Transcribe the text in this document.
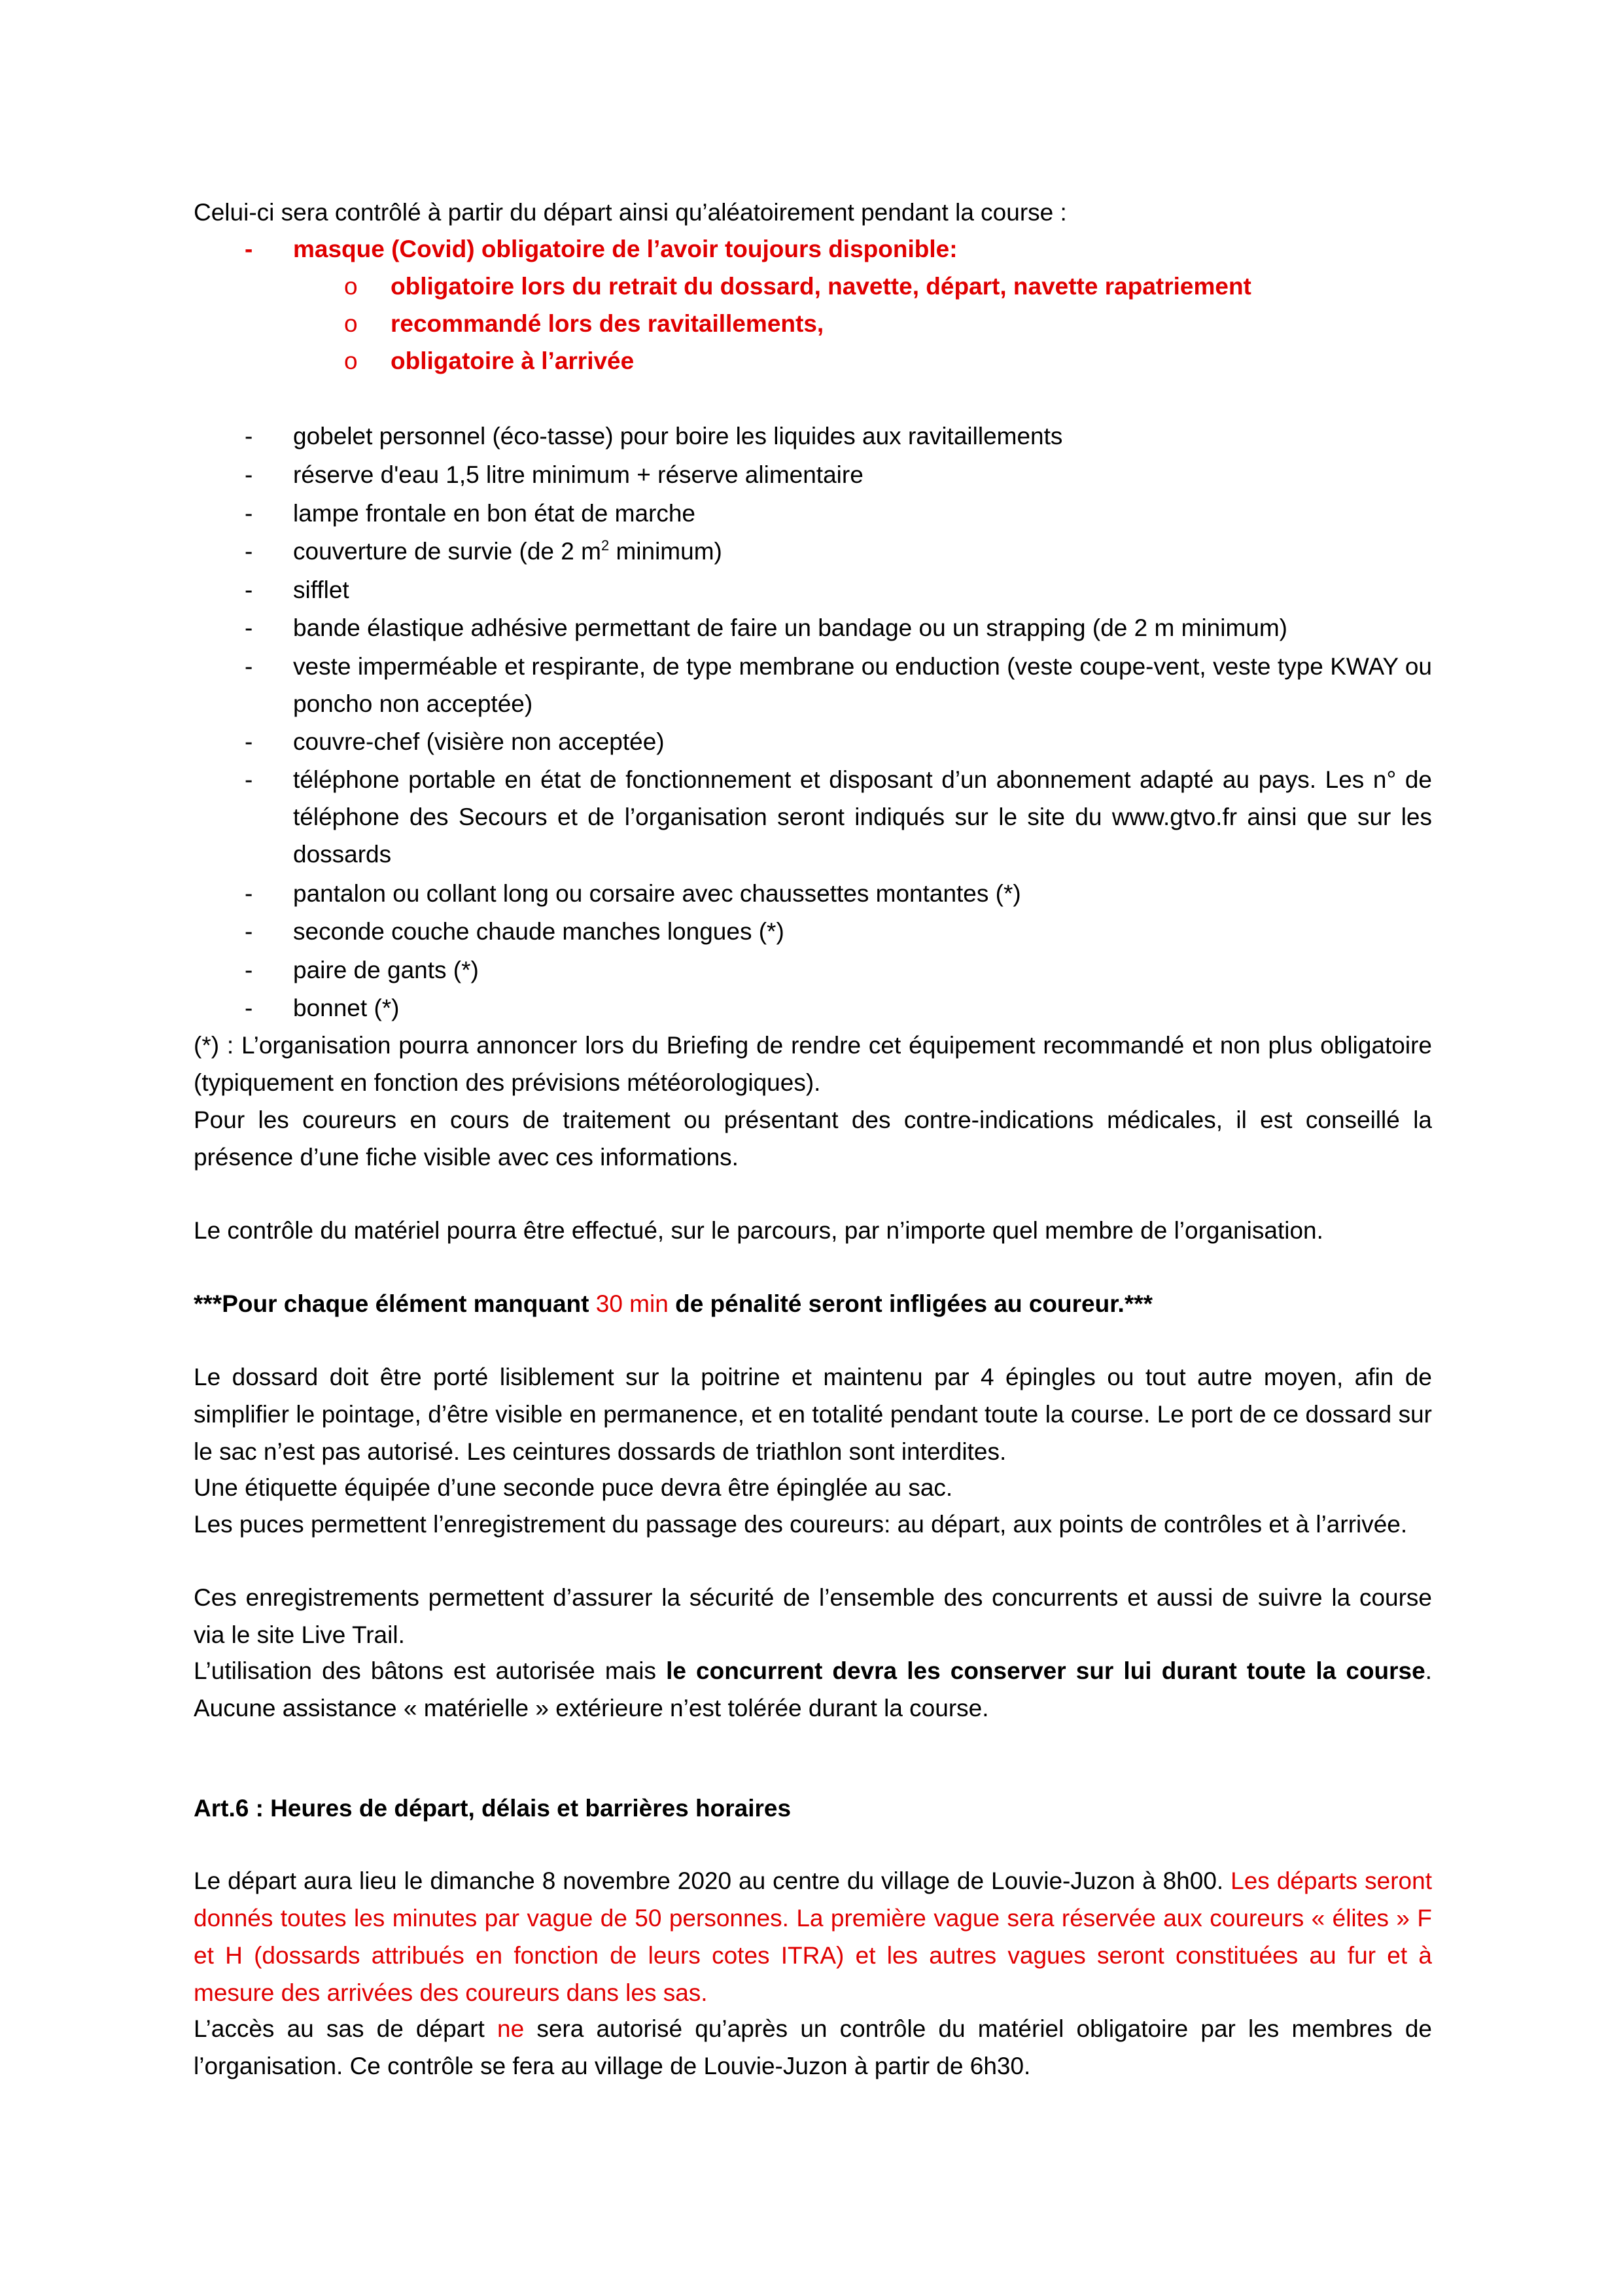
Celui-ci sera contrôlé à partir du départ ainsi qu’aléatoirement pendant la course :
- masque (Covid) obligatoire de l’avoir toujours disponible:
o obligatoire lors du retrait du dossard, navette, départ, navette rapatriement
o recommandé lors des ravitaillements,
o obligatoire à l’arrivée
- gobelet personnel (éco-tasse) pour boire les liquides aux ravitaillements
- réserve d'eau 1,5 litre minimum + réserve alimentaire
- lampe frontale en bon état de marche
- couverture de survie (de 2 $m^2$ minimum)
- sifflet
- bande élastique adhésive permettant de faire un bandage ou un strapping (de 2 m minimum)
- veste imperméable et respirante, de type membrane ou enduction (veste coupe-vent, veste type KWAY ou poncho non acceptée)
- couvre-chef (visière non acceptée)
- téléphone portable en état de fonctionnement et disposant d’un abonnement adapté au pays. Les n° de téléphone des Secours et de l’organisation seront indiqués sur le site du www.gtvo.fr ainsi que sur les dossards
- pantalon ou collant long ou corsaire avec chaussettes montantes (*)
- seconde couche chaude manches longues (*)
- paire de gants (*)
- bonnet (*)
(*) : L’organisation pourra annoncer lors du Briefing de rendre cet équipement recommandé et non plus obligatoire (typiquement en fonction des prévisions météorologiques).
Pour les coureurs en cours de traitement ou présentant des contre-indications médicales, il est conseillé la présence d’une fiche visible avec ces informations.
Le contrôle du matériel pourra être effectué, sur le parcours, par n’importe quel membre de l’organisation.
***Pour chaque élément manquant 30 min de pénalité seront infligées au coureur.***
Le dossard doit être porté lisiblement sur la poitrine et maintenu par 4 épingles ou tout autre moyen, afin de simplifier le pointage, d’être visible en permanence, et en totalité pendant toute la course. Le port de ce dossard sur le sac n’est pas autorisé. Les ceintures dossards de triathlon sont interdites.
Une étiquette équipée d’une seconde puce devra être épinglée au sac.
Les puces permettent l’enregistrement du passage des coureurs: au départ, aux points de contrôles et à l’arrivée.
Ces enregistrements permettent d’assurer la sécurité de l’ensemble des concurrents et aussi de suivre la course via le site Live Trail.
L’utilisation des bâtons est autorisée mais le concurrent devra les conserver sur lui durant toute la course. Aucune assistance « matérielle » extérieure n’est tolérée durant la course.
Art.6 : Heures de départ, délais et barrières horaires
Le départ aura lieu le dimanche 8 novembre 2020 au centre du village de Louvie-Juzon à 8h00. Les départs seront donnés toutes les minutes par vague de 50 personnes. La première vague sera réservée aux coureurs « élites » F et H (dossards attribués en fonction de leurs cotes ITRA) et les autres vagues seront constituées au fur et à mesure des arrivées des coureurs dans les sas.
L’accès au sas de départ ne sera autorisé qu’après un contrôle du matériel obligatoire par les membres de l’organisation. Ce contrôle se fera au village de Louvie-Juzon à partir de 6h30.
